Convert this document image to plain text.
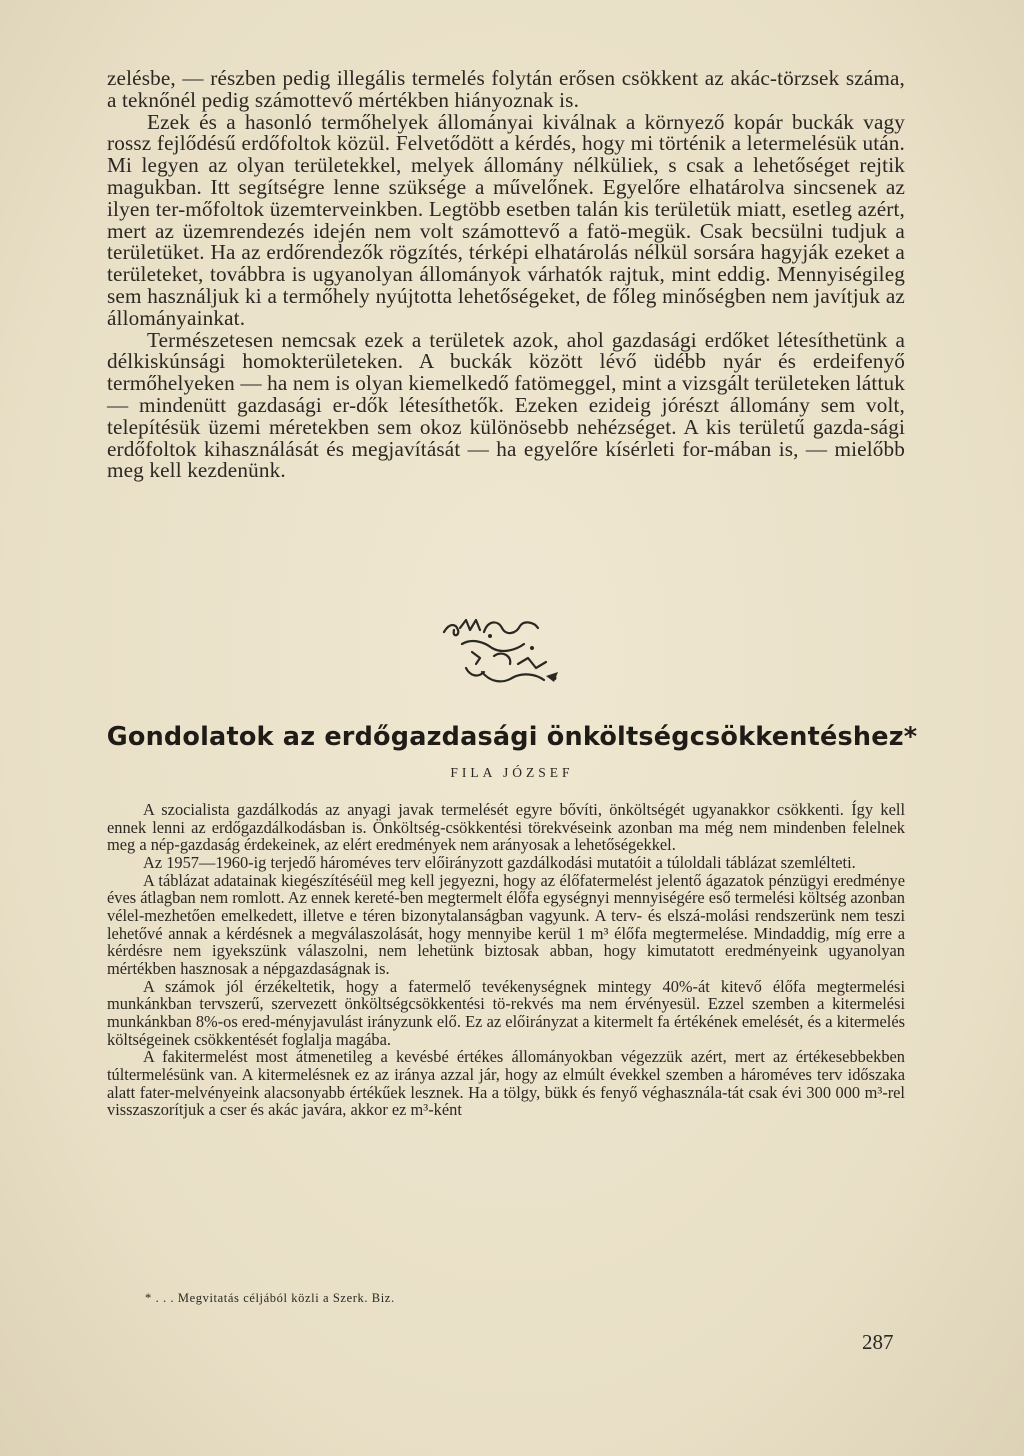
zelésbe, — részben pedig illegális termelés folytán erősen csökkent az akác-törzsek száma, a teknőnél pedig számottevő mértékben hiányoznak is.

Ezek és a hasonló termőhelyek állományai kiválnak a környező kopár buckák vagy rossz fejlődésű erdőfoltok közül. Felvetődött a kérdés, hogy mi történik a letermelésük után. Mi legyen az olyan területekkel, melyek állomány nélküliek, s csak a lehetőséget rejtik magukban. Itt segítségre lenne szüksége a művelőnek. Egyelőre elhatárolva sincsenek az ilyen ter-mőfoltok üzemterveinkben. Legtöbb esetben talán kis területük miatt, esetleg azért, mert az üzemrendezés idején nem volt számottevő a fatö-megük. Csak becsülni tudjuk a területüket. Ha az erdőrendezők rögzítés, térképi elhatárolás nélkül sorsára hagyják ezeket a területeket, továbbra is ugyanolyan állományok várhatók rajtuk, mint eddig. Mennyiségileg sem használjuk ki a termőhely nyújtotta lehetőségeket, de főleg minőségben nem javítjuk az állományainkat.

Természetesen nemcsak ezek a területek azok, ahol gazdasági erdőket létesíthetünk a délkiskúnsági homokterületeken. A buckák között lévő üdébb nyár és erdeifenyő termőhelyeken — ha nem is olyan kiemelkedő fatömeggel, mint a vizsgált területeken láttuk — mindenütt gazdasági er-dők létesíthetők. Ezeken ezideig jórészt állomány sem volt, telepítésük üzemi méretekben sem okoz különösebb nehézséget. A kis területű gazda-sági erdőfoltok kihasználását és megjavítását — ha egyelőre kísérleti for-mában is, — mielőbb meg kell kezdenünk.

Gondolatok az erdőgazdasági önköltségcsökkentéshez*
FILA JÓZSEF

A szocialista gazdálkodás az anyagi javak termelését egyre bővíti, önköltségét ugyanakkor csökkenti. Így kell ennek lenni az erdőgazdálkodásban is. Önköltség-csökkentési törekvéseink azonban ma még nem mindenben felelnek meg a nép-gazdaság érdekeinek, az elért eredmények nem arányosak a lehetőségekkel.

Az 1957—1960-ig terjedő hároméves terv előirányzott gazdálkodási mutatóit a túloldali táblázat szemlélteti.

A táblázat adatainak kiegészítéséül meg kell jegyezni, hogy az élőfatermelést jelentő ágazatok pénzügyi eredménye éves átlagban nem romlott. Az ennek kereté-ben megtermelt élőfa egységnyi mennyiségére eső termelési költség azonban vélel-mezhetően emelkedett, illetve e téren bizonytalanságban vagyunk. A terv- és elszá-molási rendszerünk nem teszi lehetővé annak a kérdésnek a megválaszolását, hogy mennyibe kerül 1 m³ élőfa megtermelése. Mindaddig, míg erre a kérdésre nem igyekszünk válaszolni, nem lehetünk biztosak abban, hogy kimutatott eredményeink ugyanolyan mértékben hasznosak a népgazdaságnak is.

A számok jól érzékeltetik, hogy a fatermelő tevékenységnek mintegy 40%-át kitevő élőfa megtermelési munkánkban tervszerű, szervezett önköltségcsökkentési tö-rekvés ma nem érvényesül. Ezzel szemben a kitermelési munkánkban 8%-os ered-ményjavulást irányzunk elő. Ez az előirányzat a kitermelt fa értékének emelését, és a kitermelés költségeinek csökkentését foglalja magába.

A fakitermelést most átmenetileg a kevésbé értékes állományokban végezzük azért, mert az értékesebbekben túltermelésünk van. A kitermelésnek ez az iránya azzal jár, hogy az elmúlt évekkel szemben a hároméves terv időszaka alatt fater-melvényeink alacsonyabb értékűek lesznek. Ha a tölgy, bükk és fenyő véghasznála-tát csak évi 300 000 m³-rel visszaszorítjuk a cser és akác javára, akkor ez m³-ként

* . . . Megvitatás céljából közli a Szerk. Biz.
287
